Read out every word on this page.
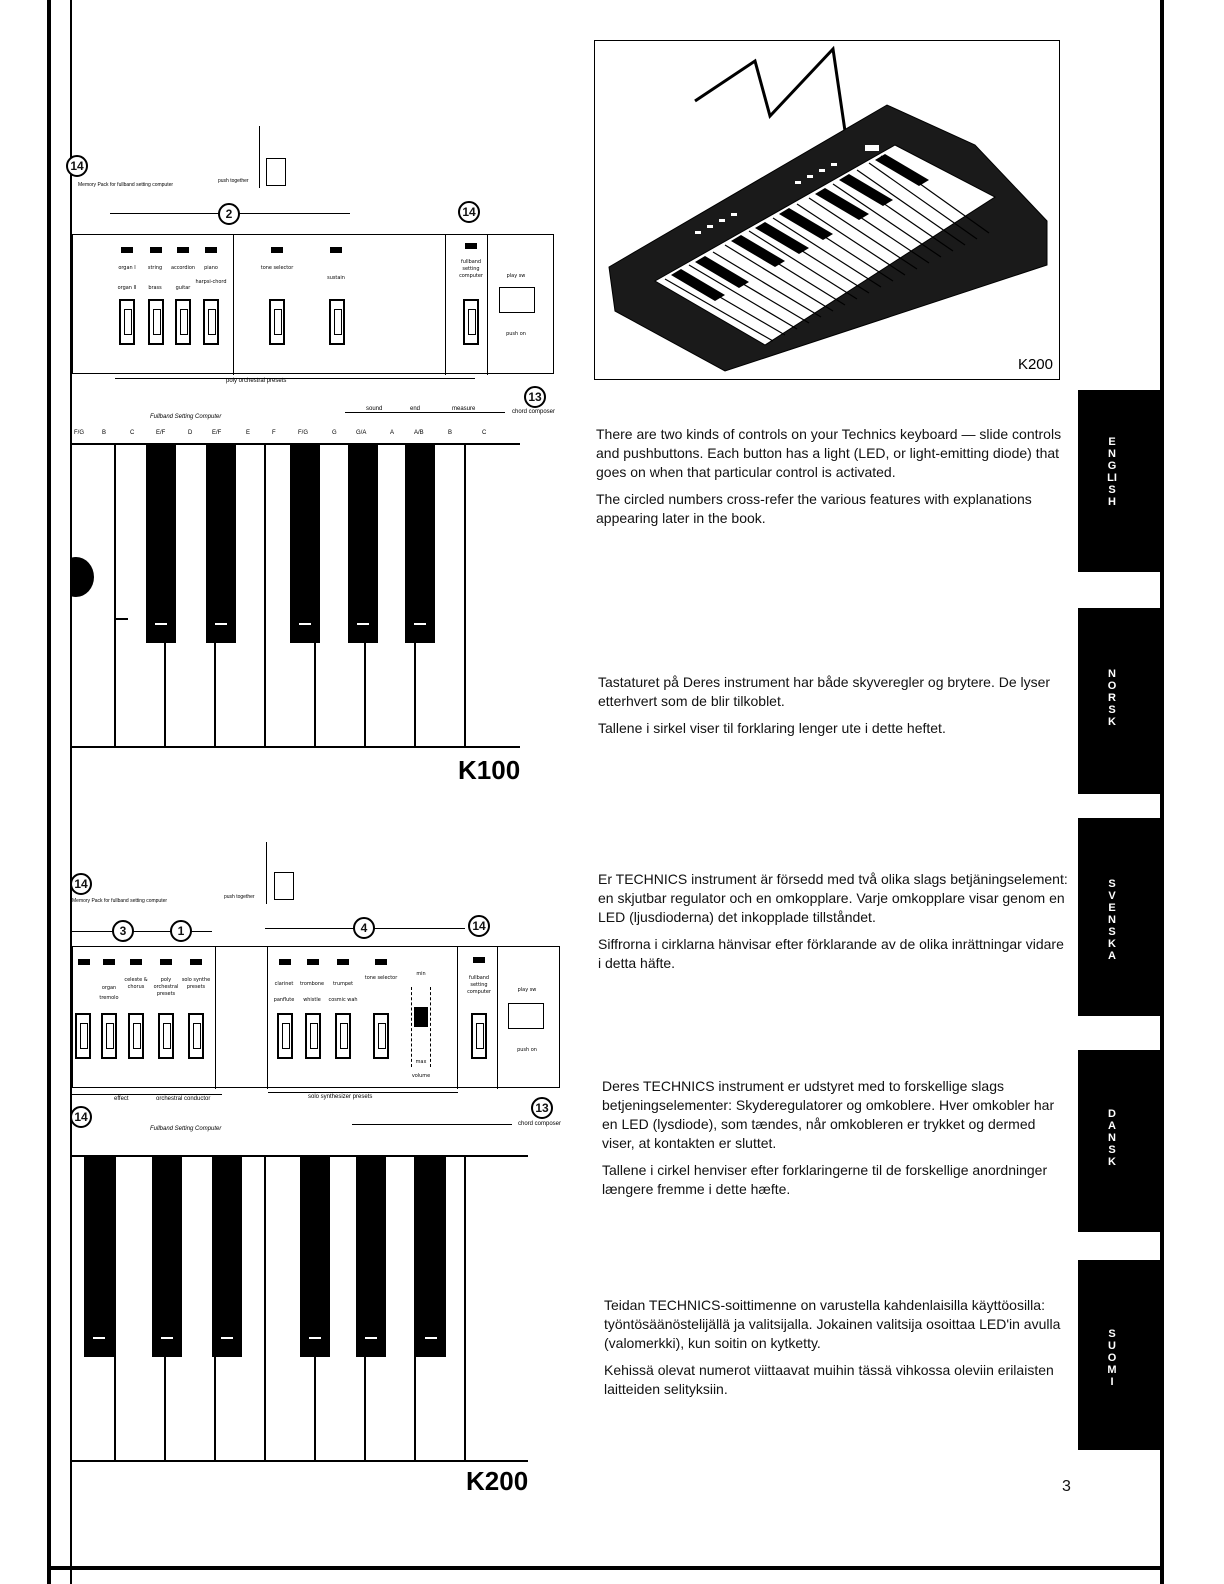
14
Memory Pack for fullband setting computer
push together
2	14
organ I
organ II
string
brass
accordion
guitar
piano
harpsi-chord
tone selector
sustain
fullband setting computer	play sw
push on
poly orchestral presets
13
chord composer
Fullband Setting Computer
sound	end	measure
F/G	B	C	E/F	D	E/F	E	F	F/G	G	G/A	A	A/B	B	C
K100
14
Memory Pack for fullband setting computer
push together
3	1	4	14
organ
tremolo
celeste & chorus
poly orchestral presets
solo synthe presets	clarinet
panflute
trombone
whistle
trumpet
cosmic wah
tone selector
min
max
volume
fullband setting computer	play sw
push on
effect	orchestral conductor	solo synthesizer presets
13
chord composer
14
Fullband Setting Computer
K200
K200
ENGLISH
NORSK
SVENSKA
DANSK
SUOMI

There are two kinds of controls on your Technics keyboard — slide controls and pushbuttons. Each button has a light (LED, or light-emitting diode) that goes on when that particular control is activated.

The circled numbers cross-refer the various features with explanations appearing later in the book.

Tastaturet på Deres instrument har både skyveregler og brytere. De lyser etterhvert som de blir tilkoblet.

Tallene i sirkel viser til forklaring lenger ute i dette heftet.

Er TECHNICS instrument är försedd med två olika slags betjäningselement: en skjutbar regulator och en omkopplare. Varje omkopplare visar genom en LED (ljusdioderna) det inkopplade tillståndet.

Siffrorna i cirklarna hänvisar efter förklarande av de olika inrättningar vidare i detta häfte.

Deres TECHNICS instrument er udstyret med to forskellige slags betjeningselementer: Skyderegulatorer og omkoblere. Hver omkobler har en LED (lysdiode), som tændes, når omkobleren er trykket og dermed viser, at kontakten er sluttet.

Tallene i cirkel henviser efter forklaringerne til de forskellige anordninger længere fremme i dette hæfte.

Teidan TECHNICS-soittimenne on varustella kahdenlaisilla käyttöosilla: työntösäänöstelijällä ja valitsijalla. Jokainen valitsija osoittaa LED'in avulla (valomerkki), kun soitin on kytketty.

Kehissä olevat numerot viittaavat muihin tässä vihkossa oleviin erilaisten laitteiden selityksiin.

3
